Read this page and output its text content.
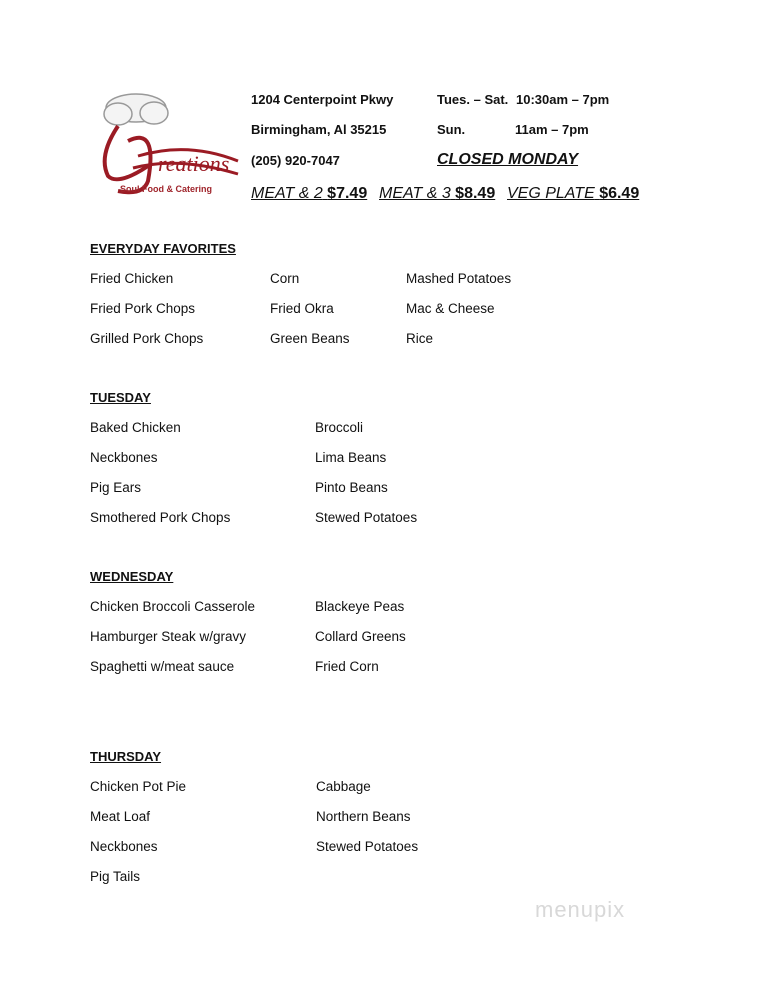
reations
Soul Food & Catering
1204 Centerpoint Pkwy
Birmingham, Al 35215
(205) 920-7047
Tues. – Sat. 10:30am – 7pm
Sun.	11am – 7pm
CLOSED MONDAY
MEAT & 2 $7.49 MEAT & 3 $8.49 VEG PLATE $6.49
EVERYDAY FAVORITES
Fried Chicken	Corn	Mashed Potatoes
Fried Pork Chops	Fried Okra	Mac & Cheese
Grilled Pork Chops	Green Beans	Rice
TUESDAY
Baked Chicken	Broccoli
Neckbones	Lima Beans
Pig Ears	Pinto Beans
Smothered Pork Chops	Stewed Potatoes
WEDNESDAY
Chicken Broccoli Casserole	Blackeye Peas
Hamburger Steak w/gravy	Collard Greens
Spaghetti w/meat sauce	Fried Corn
THURSDAY
Chicken Pot Pie	Cabbage
Meat Loaf	Northern Beans
Neckbones	Stewed Potatoes
Pig Tails
menupix
